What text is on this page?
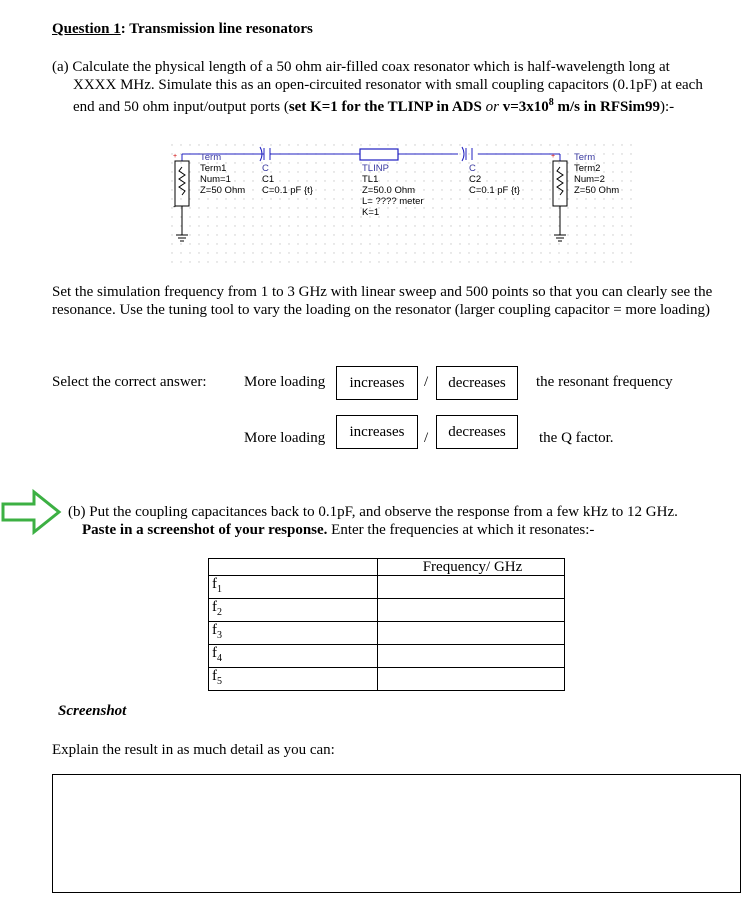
Question 1: Transmission line resonators
(a) Calculate the physical length of a 50 ohm air-filled coax resonator which is half-wavelength long at
XXXX MHz. Simulate this as an open-circuited resonator with small coupling capacitors (0.1pF) at each
end and 50 ohm input/output ports (set K=1 for the TLINP in ADS or $v=3x10^8$ m/s in RFSim99):-
+
-
+
Term
Term1
Num=1
Z=50 Ohm
C
C1
C=0.1 pF {t}
TLINP
TL1
Z=50.0 Ohm
L= ???? meter
K=1
C
C2
C=0.1 pF {t}
Term
Term2
Num=2
Z=50 Ohm
Set the simulation frequency from 1 to 3 GHz with linear sweep and 500 points so that you can clearly see the resonance. Use the tuning tool to vary the loading on the resonator (larger coupling capacitor = more loading)
Select the correct answer: More loading	increases	/	decreases	the resonant frequency
More loading	increases	/	decreases	the Q factor.
(b) Put the coupling capacitances back to 0.1pF, and observe the response from a few kHz to 12 GHz.
Paste in a screenshot of your response. Enter the frequencies at which it resonates:-
	Frequency/ GHz
$f_1$	
$f_2$	
$f_3$	
$f_4$	
$f_5$	
Screenshot
Explain the result in as much detail as you can:
